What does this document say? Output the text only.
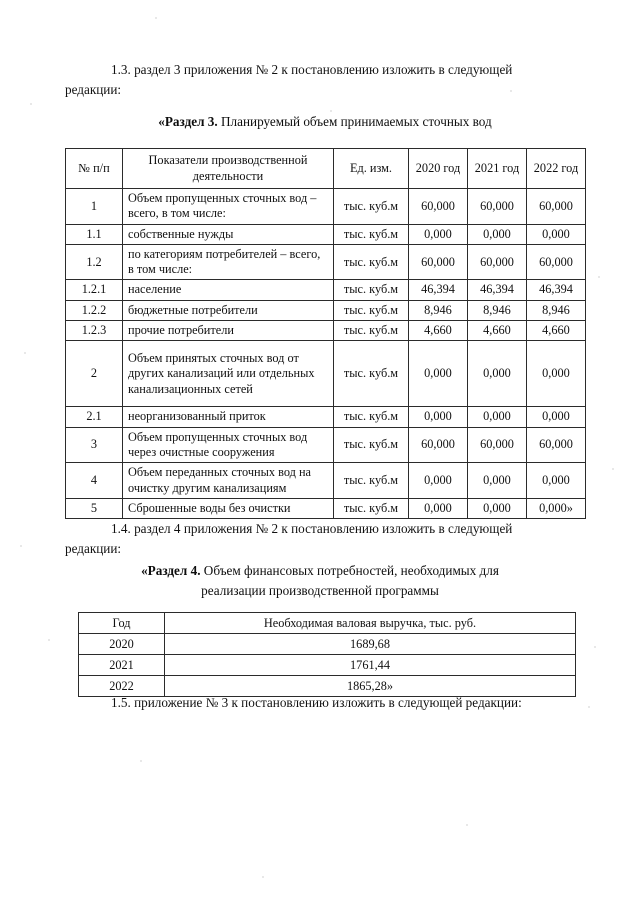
1.3. раздел 3 приложения № 2 к постановлению изложить в следующей
редакции:
«Раздел 3. Планируемый объем принимаемых сточных вод
№ п/п	Показатели производственной деятельности	Ед. изм.	2020 год	2021 год	2022 год
1	Объем пропущенных сточных вод – всего, в том числе:	тыс. куб.м	60,000	60,000	60,000
1.1	собственные нужды	тыс. куб.м	0,000	0,000	0,000
1.2	по категориям потребителей – всего, в том числе:	тыс. куб.м	60,000	60,000	60,000
1.2.1	население	тыс. куб.м	46,394	46,394	46,394
1.2.2	бюджетные потребители	тыс. куб.м	8,946	8,946	8,946
1.2.3	прочие потребители	тыс. куб.м	4,660	4,660	4,660
2	Объем принятых сточных вод от других канализаций или отдельных канализационных сетей	тыс. куб.м	0,000	0,000	0,000
2.1	неорганизованный приток	тыс. куб.м	0,000	0,000	0,000
3	Объем пропущенных сточных вод через очистные сооружения	тыс. куб.м	60,000	60,000	60,000
4	Объем переданных сточных вод на очистку другим канализациям	тыс. куб.м	0,000	0,000	0,000
5	Сброшенные воды без очистки	тыс. куб.м	0,000	0,000	0,000»
1.4. раздел 4 приложения № 2 к постановлению изложить в следующей
редакции:
«Раздел 4. Объем финансовых потребностей, необходимых для
реализации производственной программы
Год	Необходимая валовая выручка, тыс. руб.
2020	1689,68
2021	1761,44
2022	1865,28»
1.5. приложение № 3 к постановлению изложить в следующей редакции:
